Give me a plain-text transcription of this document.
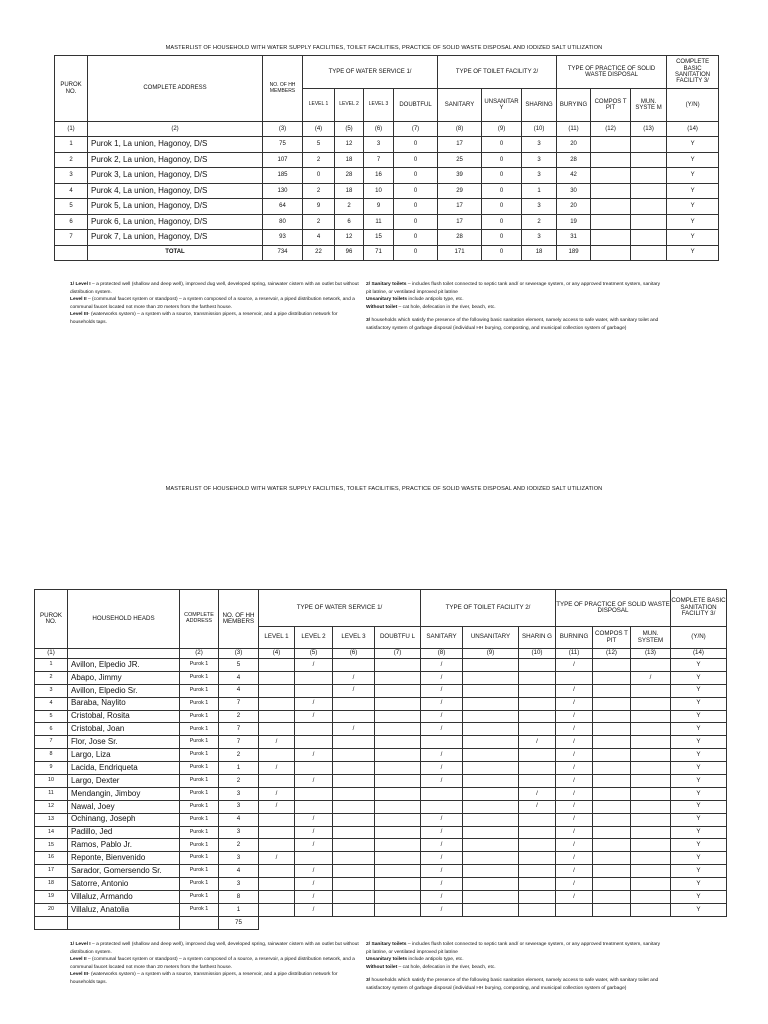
MASTERLIST OF HOUSEHOLD WITH WATER SUPPLY FACILITIES, TOILET FACILITIES, PRACTICE OF SOLID WASTE DISPOSAL AND IODIZED SALT UTILIZATION
PUROK NO.	COMPLETE ADDRESS	NO. OF HH MEMBERS	TYPE OF WATER SERVICE 1/				TYPE OF TOILET FACILITY 2/			TYPE OF PRACTICE OF SOLID WASTE DISPOSAL			COMPLETE BASIC SANITATION FACILITY 3/
			LEVEL 1	LEVEL 2	LEVEL 3	DOUBTFUL	SANITARY	UNSANITAR Y	SHARING	BURYING	COMPOS T PIT	MUN. SYSTE M	(Y/N)
(1)	(2)	(3)	(4)	(5)	(6)	(7)	(8)	(9)	(10)	(11)	(12)	(13)	(14)
1	Purok 1, La union, Hagonoy, D/S	75	5	12	3	0	17	0	3	20			Y
2	Purok 2, La union, Hagonoy, D/S	107	2	18	7	0	25	0	3	28			Y
3	Purok 3, La union, Hagonoy, D/S	185	0	28	16	0	39	0	3	42			Y
4	Purok 4, La union, Hagonoy, D/S	130	2	18	10	0	29	0	1	30			Y
5	Purok 5, La union, Hagonoy, D/S	64	9	2	9	0	17	0	3	20			Y
6	Purok 6, La union, Hagonoy, D/S	80	2	6	11	0	17	0	2	19			Y
7	Purok 7, La union, Hagonoy, D/S	93	4	12	15	0	28	0	3	31			Y
	TOTAL	734	22	96	71	0	171	0	18	189			Y
1/ Level I – a protected well (shallow and deep well), improved dug well, developed spring, rainwater cistern with an outlet but without distribution system.
Level II – (communal faucet system or standpost) – a system composed of a source, a reservoir, a piped distribution network, and a communal faucet located not more than 20 meters from the farthest house.
Level III- (waterworks system) – a system with a source, transmission pipers, a reservoir, and a pipe distribution network for households taps.
2/ Sanitary toilets – includes flush toilet connected to septic tank and/ or sewerage system, or any approved treatment system, sanitary pit latrine, or ventilated improved pit latrine
Unsanitary toilets include antipolo type, etc.
Without toilet – cat hole, defecation in the river, beach, etc.
3/ households which satisfy the presence of the following basic sanitation element, namely access to safe water, with sanitary toilet and satisfactory system of garbage disposal (individual HH burying, composting, and municipal collection system of garbage)
MASTERLIST OF HOUSEHOLD WITH WATER SUPPLY FACILITIES, TOILET FACILITIES, PRACTICE OF SOLID WASTE DISPOSAL AND IODIZED SALT UTILIZATION
PUROK NO.	HOUSEHOLD HEADS	COMPLETE ADDRESS	NO. OF HH MEMBERS	TYPE OF WATER SERVICE 1/				TYPE OF TOILET FACILITY 2/			TYPE OF PRACTICE OF SOLID WASTE DISPOSAL			COMPLETE BASIC SANITATION FACILITY 3/
				LEVEL 1	LEVEL 2	LEVEL 3	DOUBTFU L	SANITARY	UNSANITARY	SHARIN G	BURNING	COMPOS T PIT	MUN. SYSTEM	(Y/N)
(1)		(2)	(3)	(4)	(5)	(6)	(7)	(8)	(9)	(10)	(11)	(12)	(13)	(14)
1	Avillon, Elpedio JR.	Purok 1	5		/			/			/			Y
2	Abapo, Jimmy	Purok 1	4			/		/					/	Y
3	Avillon, Elpedio Sr.	Purok 1	4			/		/			/			Y
4	Baraba, Naylito	Purok 1	7		/			/			/			Y
5	Cristobal, Rosita	Purok 1	2		/			/			/			Y
6	Cristobal, Joan	Purok 1	7			/		/			/			Y
7	Flor, Jose Sr.	Purok 1	7	/						/	/			Y
8	Largo, Liza	Purok 1	2		/			/			/			Y
9	Lacida, Endriqueta	Purok 1	1	/				/			/			Y
10	Largo, Dexter	Purok 1	2		/			/			/			Y
11	Mendangin, Jimboy	Purok 1	3	/						/	/			Y
12	Nawal, Joey	Purok 1	3	/						/	/			Y
13	Ochinang, Joseph	Purok 1	4		/			/			/			Y
14	Padillo, Jed	Purok 1	3		/			/			/			Y
15	Ramos, Pablo Jr.	Purok 1	2		/			/			/			Y
16	Reponte, Bienvenido	Purok 1	3	/				/			/			Y
17	Sarador, Gomersendo Sr.	Purok 1	4		/			/			/			Y
18	Satorre, Antonio	Purok 1	3		/			/			/			Y
19	Villaluz, Armando	Purok 1	8		/			/			/			Y
20	Villaluz, Anatolia	Purok 1	1		/			/						Y
			75											
1/ Level I – a protected well (shallow and deep well), improved dug well, developed spring, rainwater cistern with an outlet but without distribution system.
Level II – (communal faucet system or standpost) – a system composed of a source, a reservoir, a piped distribution network, and a communal faucet located not more than 20 meters from the farthest house.
Level III- (waterworks system) – a system with a source, transmission pipers, a reservoir, and a pipe distribution network for households taps.
2/ Sanitary toilets – includes flush toilet connected to septic tank and/ or sewerage system, or any approved treatment system, sanitary pit latrine, or ventilated improved pit latrine
Unsanitary toilets include antipolo type, etc.
Without toilet – cat hole, defecation in the river, beach, etc.
3/ households which satisfy the presence of the following basic sanitation element, namely access to safe water, with sanitary toilet and satisfactory system of garbage disposal (individual HH burying, composting, and municipal collection system of garbage)
